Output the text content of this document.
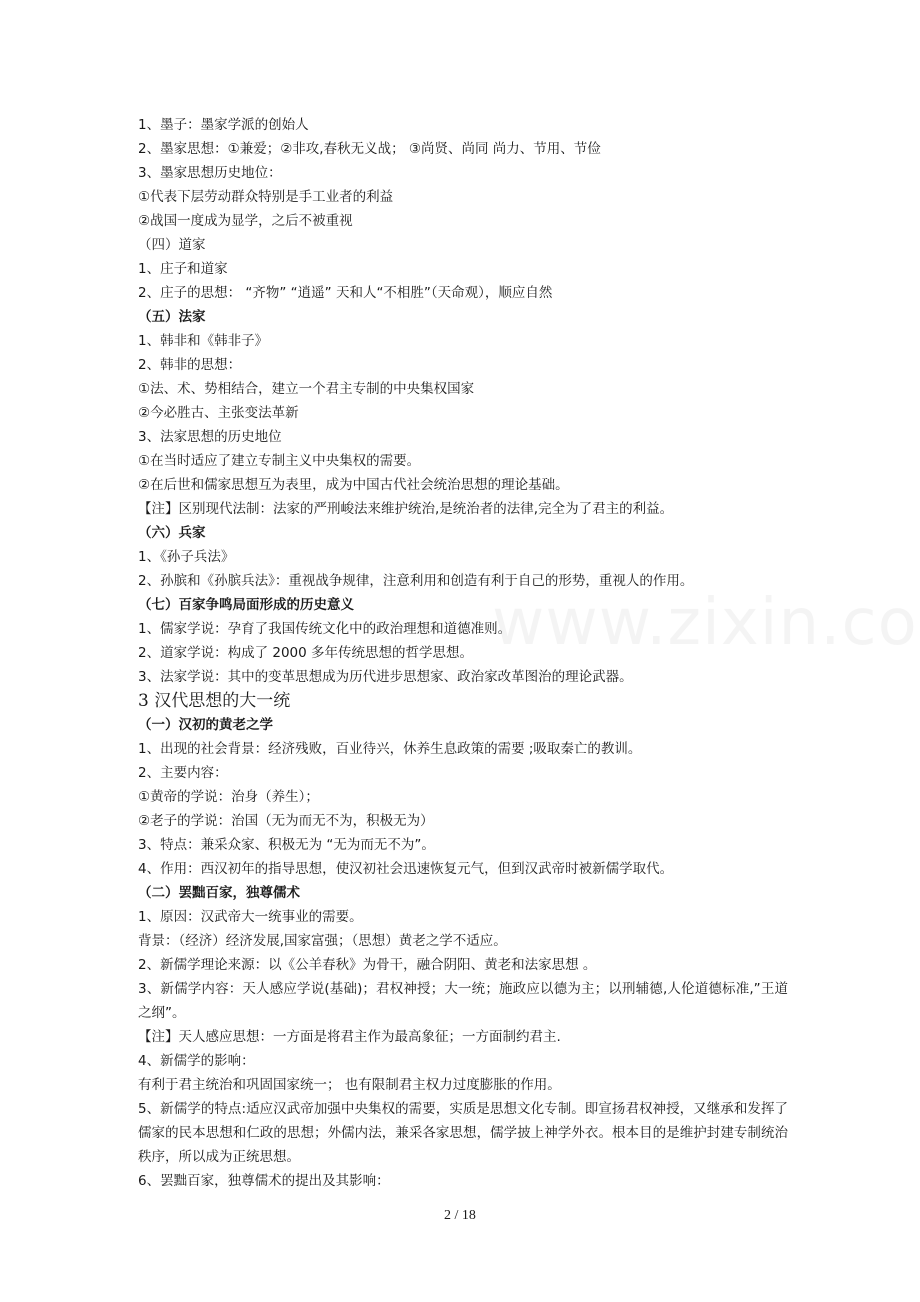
1、墨子：墨家学派的创始人
2、墨家思想：①兼爱；②非攻,春秋无义战； ③尚贤、尚同 尚力、节用、节俭
3、墨家思想历史地位：
①代表下层劳动群众特别是手工业者的利益
②战国一度成为显学，之后不被重视
（四）道家
1、庄子和道家
2、庄子的思想： “齐物” “逍遥” 天和人“不相胜”（天命观），顺应自然
（五）法家
1、韩非和《韩非子》
2、韩非的思想：
①法、术、势相结合，建立一个君主专制的中央集权国家
②今必胜古、主张变法革新
3、法家思想的历史地位
①在当时适应了建立专制主义中央集权的需要。
②在后世和儒家思想互为表里，成为中国古代社会统治思想的理论基础。
【注】区别现代法制：法家的严刑峻法来维护统治,是统治者的法律,完全为了君主的利益。
（六）兵家
1、《孙子兵法》
2、孙膑和《孙膑兵法》：重视战争规律，注意利用和创造有利于自己的形势，重视人的作用。
（七）百家争鸣局面形成的历史意义
1、儒家学说：孕育了我国传统文化中的政治理想和道德准则。
2、道家学说：构成了 2000 多年传统思想的哲学思想。
3、法家学说：其中的变革思想成为历代进步思想家、政治家改革图治的理论武器。
3 汉代思想的大一统
（一）汉初的黄老之学
1、出现的社会背景：经济残败，百业待兴，休养生息政策的需要 ;吸取秦亡的教训。
2、主要内容：
①黄帝的学说：治身（养生）；
②老子的学说：治国（无为而无不为，积极无为）
3、特点：兼采众家、积极无为 “无为而无不为”。
4、作用：西汉初年的指导思想，使汉初社会迅速恢复元气，但到汉武帝时被新儒学取代。
（二）罢黜百家，独尊儒术
1、原因：汉武帝大一统事业的需要。
背景：（经济）经济发展,国家富强；（思想）黄老之学不适应。
2、新儒学理论来源：以《公羊春秋》为骨干，融合阴阳、黄老和法家思想 。
3、新儒学内容：天人感应学说(基础)；君权神授；大一统；施政应以德为主；以刑辅德,人伦道德标准,”王道之纲”。
【注】天人感应思想：一方面是将君主作为最高象征；一方面制约君主.
4、新儒学的影响：
有利于君主统治和巩固国家统一； 也有限制君主权力过度膨胀的作用。
5、新儒学的特点:适应汉武帝加强中央集权的需要，实质是思想文化专制。即宣扬君权神授，又继承和发挥了儒家的民本思想和仁政的思想；外儒内法，兼采各家思想，儒学披上神学外衣。根本目的是维护封建专制统治秩序，所以成为正统思想。
6、罢黜百家，独尊儒术的提出及其影响：
2 / 18
